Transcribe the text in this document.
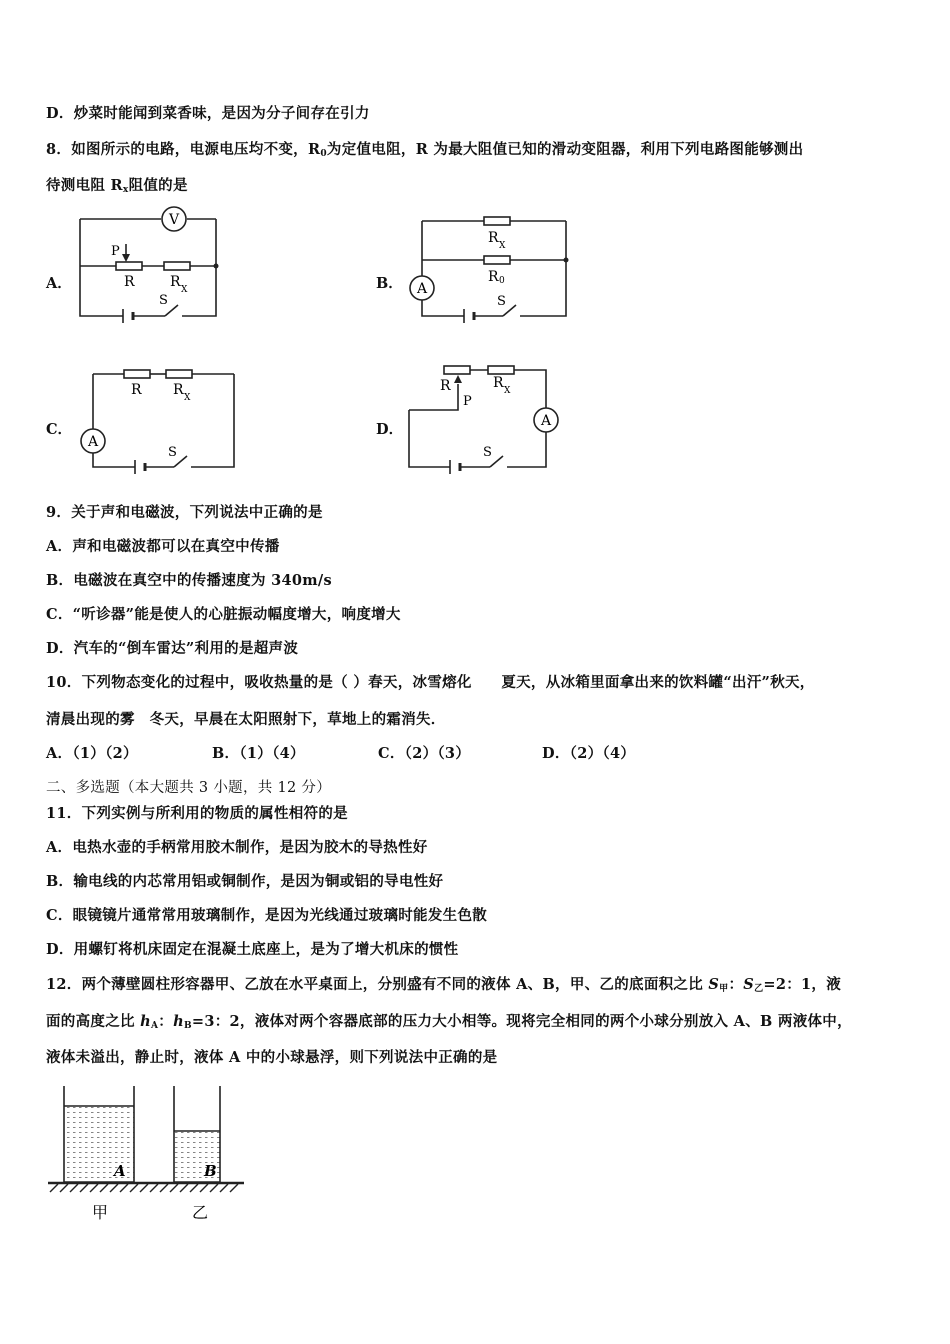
D．炒菜时能闻到菜香味，是因为分子间存在引力
8．如图所示的电路，电源电压均不变，$R_0$为定值电阻，R 为最大阻值已知的滑动变阻器，利用下列电路图能够测出
待测电阻 $R_x$阻值的是
A．	B．
C．	D．
V
P
R	R X
S
A
R X
R 0
S
A
R R X
S
A
R
P
R X
S
9．关于声和电磁波，下列说法中正确的是
A．声和电磁波都可以在真空中传播
B．电磁波在真空中的传播速度为 340m/s
C．“听诊器”能是使人的心脏振动幅度增大，响度增大
D．汽车的“倒车雷达”利用的是超声波
10．下列物态变化的过程中，吸收热量的是（ ）春天，冰雪熔化　　夏天，从冰箱里面拿出来的饮料罐“出汗”秋天，
清晨出现的雾　冬天，早晨在太阳照射下，草地上的霜消失．
A．（1）（2）	B．（1）（4）	C．（2）（3）	D．（2）（4）
二、多选题（本大题共 3 小题，共 12 分）
11．下列实例与所利用的物质的属性相符的是
A．电热水壶的手柄常用胶木制作，是因为胶木的导热性好
B．输电线的内芯常用铝或铜制作，是因为铜或铝的导电性好
C．眼镜镜片通常常用玻璃制作，是因为光线通过玻璃时能发生色散
D．用螺钉将机床固定在混凝土底座上，是为了增大机床的惯性
12．两个薄壁圆柱形容器甲、乙放在水平桌面上，分别盛有不同的液体 A、B，甲、乙的底面积之比 $S_甲$：$S_乙=2$：1，液
面的高度之比 $h_A$：$h_B=3$：2，液体对两个容器底部的压力大小相等。现将完全相同的两个小球分别放入 A、B 两液体中，
液体未溢出，静止时，液体 A 中的小球悬浮，则下列说法中正确的是
A	B
甲	乙
